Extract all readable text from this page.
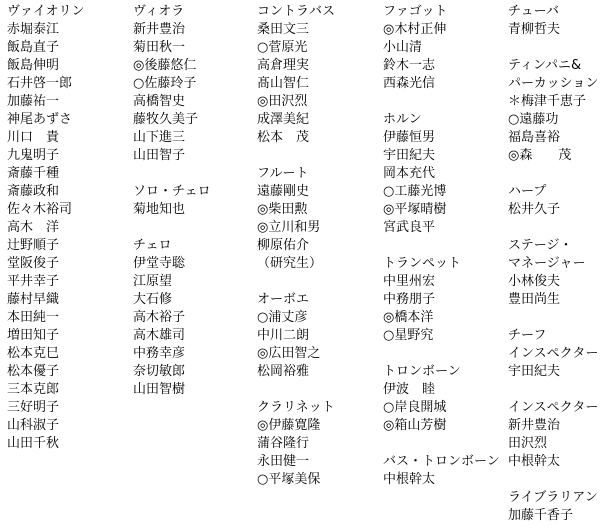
ヴァイオリン
赤堀泰江
飯島直子
飯島伸明
石井啓一郎
加藤祐一
神尾あずさ
川口　貴
九鬼明子
斎藤千種
斎藤政和
佐々木裕司
高木　洋
辻野順子
堂阪俊子
平井幸子
藤村早織
本田純一
増田知子
松本克巳
松本優子
三本克郎
三好明子
山科淑子
山田千秋
ヴィオラ
新井豊治
菊田秋一
◎後藤悠仁
○佐藤玲子
高橋智史
藤牧久美子
山下進三
山田智子
ソロ・チェロ
菊地知也
チェロ
伊堂寺聡
江原望
大石修
高木裕子
高木雄司
中務幸彦
奈切敏郎
山田智樹
コントラバス
桑田文三
○菅原光
高倉理実
髙山智仁
◎田沢烈
成澤美紀
松本　茂
フルート
遠藤剛史
◎柴田勲
◎立川和男
柳原佑介
（研究生）
オーボエ
○浦丈彦
中川二朗
◎広田智之
松岡裕雅
クラリネット
◎伊藤寛隆
蒲谷隆行
永田健一
○平塚美保
ファゴット
◎木村正伸
小山清
鈴木一志
西森光信
ホルン
伊藤恒男
宇田紀夫
岡本充代
○工藤光博
◎平塚晴樹
宮武良平
トランペット
中里州宏
中務朋子
◎橋本洋
○星野究
トロンボーン
伊波　睦
○岸良開城
◎箱山芳樹
バス・トロンボーン
中根幹太
チューバ
青柳哲夫
ティンパニ&
パーカッション
＊梅津千恵子
○遠藤功
福島喜裕
◎森　　茂
ハープ
松井久子
ステージ・
マネージャー
小林俊夫
豊田尚生
チーフ
インスペクター
宇田紀夫
インスペクター
新井豊治
田沢烈
中根幹太
ライブラリアン
加藤千香子
